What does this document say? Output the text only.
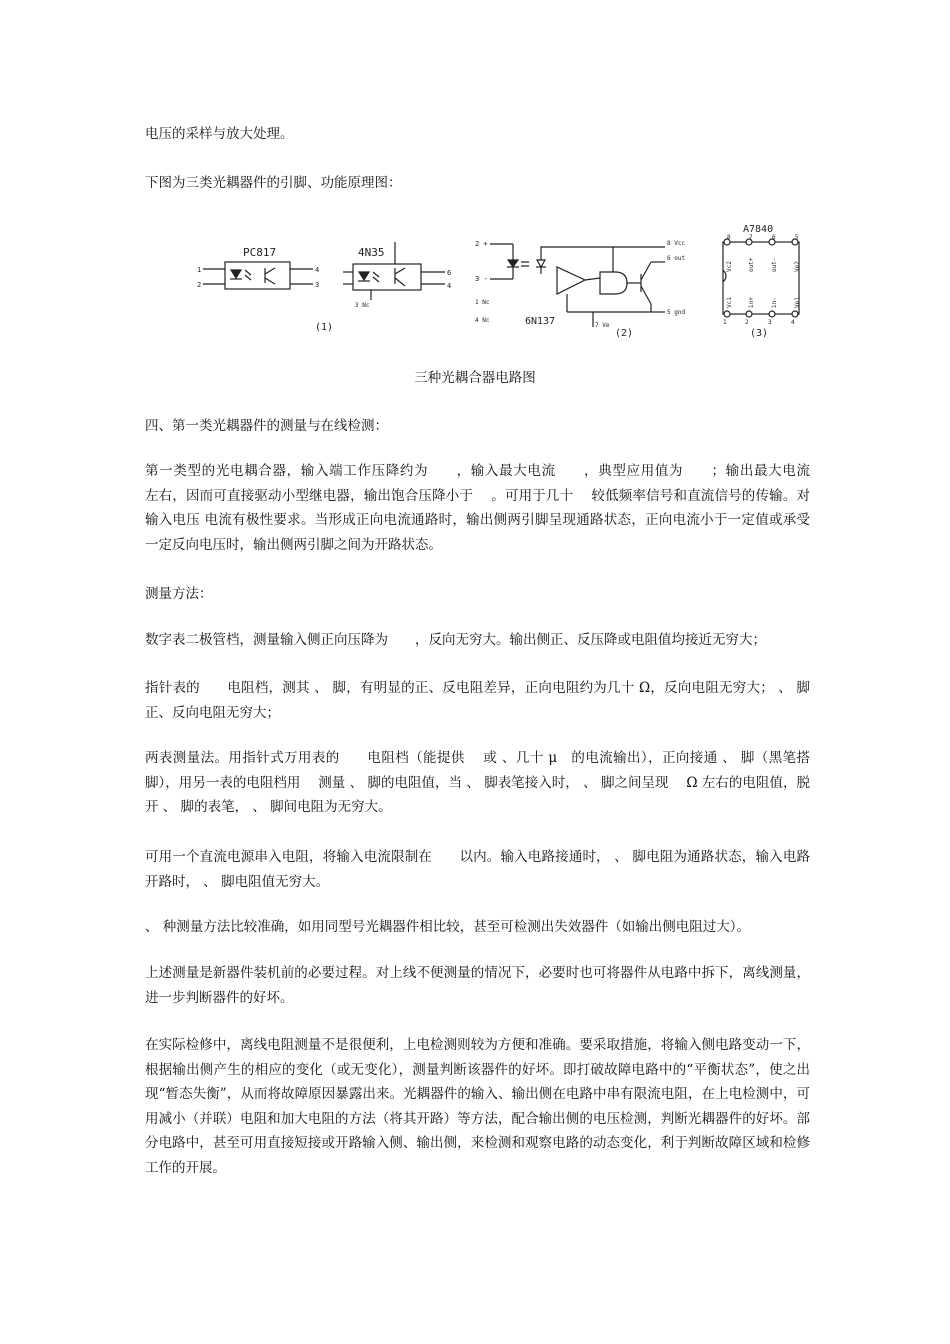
电压的采样与放大处理。

下图为三类光耦器件的引脚、功能原理图：

PC817
1
2
4
3
(1)
4N35
6
4
3 Nc
2 +
3 -
1 Nc
4 Nc
8 Vcc
6 out
5 gnd
7 Ve
6N137
(2)
A7840
8	7	6	5
1	2	3	4
Vc1	in+	in-	Ve1
Vc2	out+	out-	Ve2
(3)
三种光耦合器电路图

四、第一类光耦器件的测量与在线检测：

第一类型的光电耦合器，输入端工作压降约为　　，输入最大电流　　，典型应用值为　　；输出最大电流　 左右，因而可直接驱动小型继电器，输出饱合压降小于　 。可用于几十　 较低频率信号和直流信号的传输。对输入电压 电流有极性要求。当形成正向电流通路时，输出侧两引脚呈现通路状态，正向电流小于一定值或承受一定反向电压时，输出侧两引脚之间为开路状态。

测量方法：

数字表二极管档，测量输入侧正向压降为　　，反向无穷大。输出侧正、反压降或电阻值均接近无穷大；

指针表的　　电阻档，测其 、 脚，有明显的正、反电阻差异，正向电阻约为几十 Ω，反向电阻无穷大； 、 脚正、反向电阻无穷大；

两表测量法。用指针式万用表的　　电阻档（能提供　 或 、几十 μ　的电流输出），正向接通 、 脚（黑笔搭 脚），用另一表的电阻档用　 测量 、 脚的电阻值，当 、 脚表笔接入时， 、 脚之间呈现　 Ω 左右的电阻值，脱开 、 脚的表笔， 、 脚间电阻为无穷大。

可用一个直流电源串入电阻，将输入电流限制在　　以内。输入电路接通时， 、 脚电阻为通路状态，输入电路开路时， 、 脚电阻值无穷大。

、 种测量方法比较准确，如用同型号光耦器件相比较，甚至可检测出失效器件（如输出侧电阻过大）。

上述测量是新器件装机前的必要过程。对上线不便测量的情况下，必要时也可将器件从电路中拆下，离线测量，进一步判断器件的好坏。

在实际检修中，离线电阻测量不是很便利，上电检测则较为方便和准确。要采取措施，将输入侧电路变动一下，根据输出侧产生的相应的变化（或无变化），测量判断该器件的好坏。即打破故障电路中的“平衡状态”，使之出现“暂态失衡”，从而将故障原因暴露出来。光耦器件的输入、输出侧在电路中串有限流电阻，在上电检测中，可用减小（并联）电阻和加大电阻的方法（将其开路）等方法，配合输出侧的电压检测，判断光耦器件的好坏。部分电路中，甚至可用直接短接或开路输入侧、输出侧，来检测和观察电路的动态变化，利于判断故障区域和检修工作的开展。
